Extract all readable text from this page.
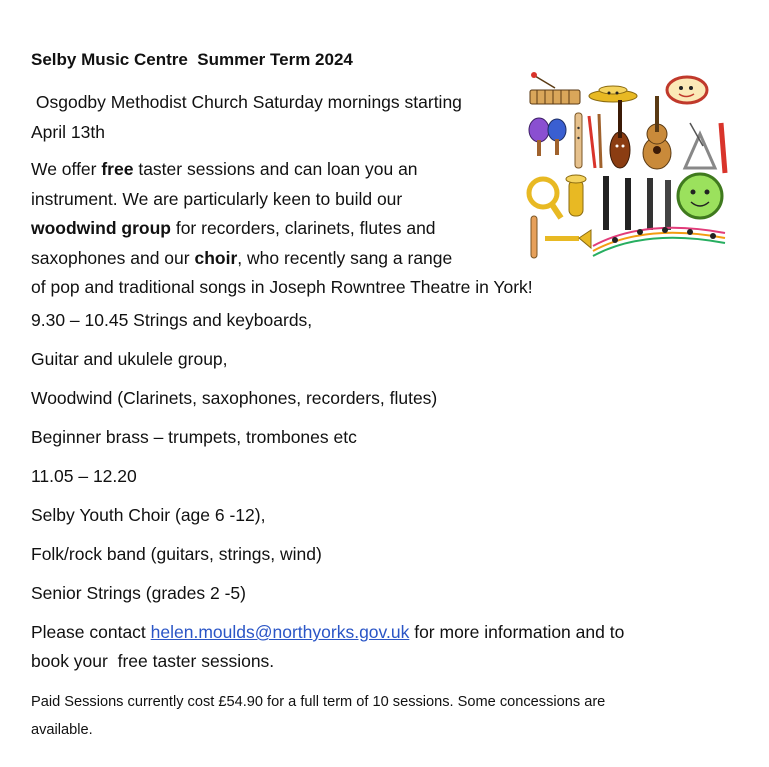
Selby Music Centre  Summer Term 2024
Osgodby Methodist Church Saturday mornings starting
April 13th
We offer free taster sessions and can loan you an
instrument. We are particularly keen to build our
woodwind group for recorders, clarinets, flutes and
saxophones and our choir, who recently sang a range
of pop and traditional songs in Joseph Rowntree Theatre in York!
9.30 – 10.45 Strings and keyboards,
Guitar and ukulele group,
Woodwind (Clarinets, saxophones, recorders, flutes)
Beginner brass – trumpets, trombones etc
11.05 – 12.20
Selby Youth Choir (age 6 -12),
Folk/rock band (guitars, strings, wind)
Senior Strings (grades 2 -5)
Please contact helen.moulds@northyorks.gov.uk for more information and to
book your  free taster sessions.
Paid Sessions currently cost £54.90 for a full term of 10 sessions. Some concessions are
available.
